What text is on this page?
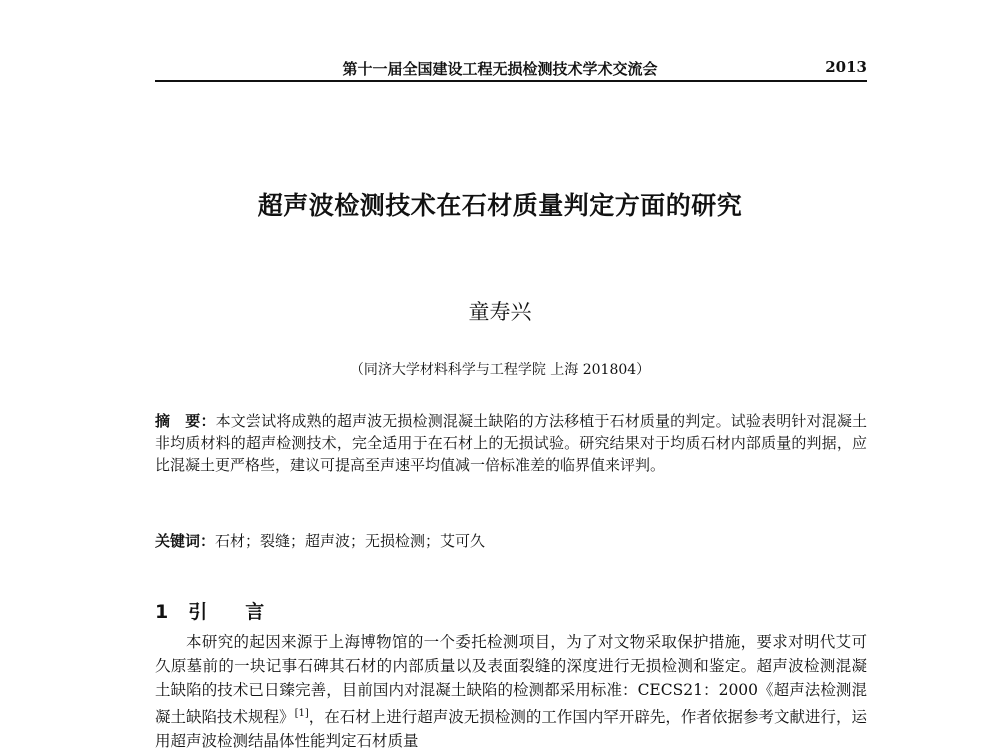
第十一届全国建设工程无损检测技术学术交流会	2013
超声波检测技术在石材质量判定方面的研究
童寿兴
（同济大学材料科学与工程学院 上海 201804）
摘　要：本文尝试将成熟的超声波无损检测混凝土缺陷的方法移植于石材质量的判定。试验表明针对混凝土非均质材料的超声检测技术，完全适用于在石材上的无损试验。研究结果对于均质石材内部质量的判据，应比混凝土更严格些，建议可提高至声速平均值减一倍标准差的临界值来评判。
关键词：石材；裂缝；超声波；无损检测；艾可久
1 引 言

本研究的起因来源于上海博物馆的一个委托检测项目，为了对文物采取保护措施，要求对明代艾可久原墓前的一块记事石碑其石材的内部质量以及表面裂缝的深度进行无损检测和鉴定。超声波检测混凝土缺陷的技术已日臻完善，目前国内对混凝土缺陷的检测都采用标准：CECS21：2000《超声法检测混凝土缺陷技术规程》[1]，在石材上进行超声波无损检测的工作国内罕开辟先，作者依据参考文献进行，运用超声波检测结晶体性能判定石材质量
